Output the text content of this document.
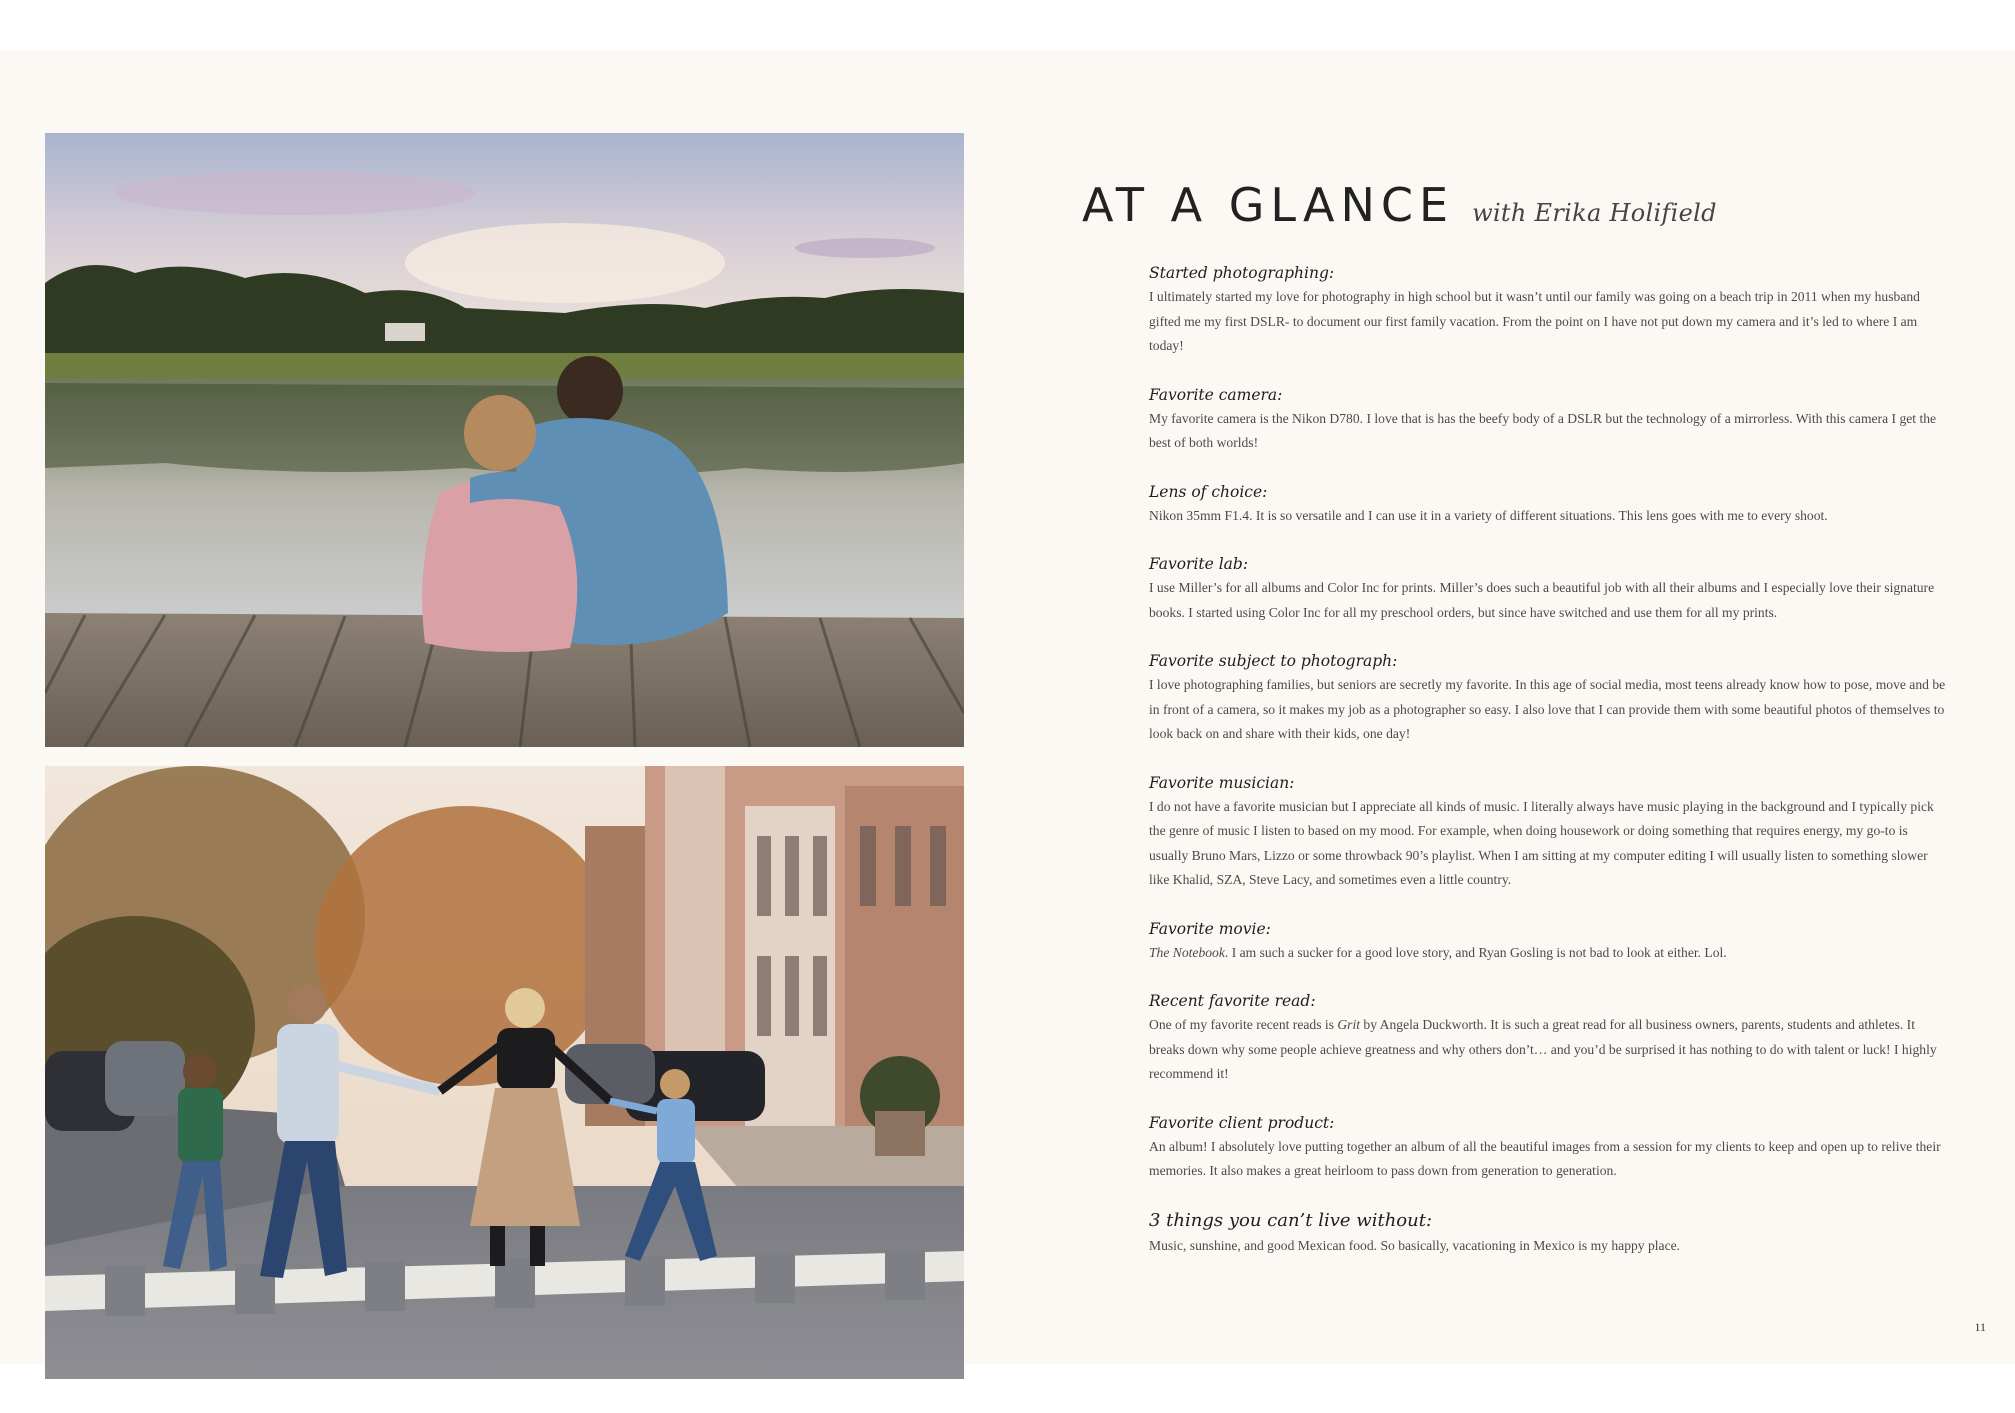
AT A GLANCE with Erika Holifield
Started photographing:
I ultimately started my love for photography in high school but it wasn’t until our family was going on a beach trip in 2011 when my husband gifted me my first DSLR- to document our first family vacation. From the point on I have not put down my camera and it’s led to where I am today!
Favorite camera:
My favorite camera is the Nikon D780. I love that is has the beefy body of a DSLR but the technology of a mirrorless. With this camera I get the best of both worlds!
Lens of choice:
Nikon 35mm F1.4. It is so versatile and I can use it in a variety of different situations. This lens goes with me to every shoot.
Favorite lab:
I use Miller’s for all albums and Color Inc for prints. Miller’s does such a beautiful job with all their albums and I especially love their signature books. I started using Color Inc for all my preschool orders, but since have switched and use them for all my prints.
Favorite subject to photograph:
I love photographing families, but seniors are secretly my favorite. In this age of social media, most teens already know how to pose, move and be in front of a camera, so it makes my job as a photographer so easy. I also love that I can provide them with some beautiful photos of themselves to look back on and share with their kids, one day!
Favorite musician:
I do not have a favorite musician but I appreciate all kinds of music. I literally always have music playing in the background and I typically pick the genre of music I listen to based on my mood. For example, when doing housework or doing something that requires energy, my go-to is usually Bruno Mars, Lizzo or some throwback 90’s playlist. When I am sitting at my computer editing I will usually listen to something slower like Khalid, SZA, Steve Lacy, and sometimes even a little country.
Favorite movie:
The Notebook. I am such a sucker for a good love story, and Ryan Gosling is not bad to look at either. Lol.
Recent favorite read:
One of my favorite recent reads is Grit by Angela Duckworth. It is such a great read for all business owners, parents, students and athletes. It breaks down why some people achieve greatness and why others don’t… and you’d be surprised it has nothing to do with talent or luck! I highly recommend it!
Favorite client product:
An album! I absolutely love putting together an album of all the beautiful images from a session for my clients to keep and open up to relive their memories. It also makes a great heirloom to pass down from generation to generation.
3 things you can’t live without:
Music, sunshine, and good Mexican food. So basically, vacationing in Mexico is my happy place.
11
